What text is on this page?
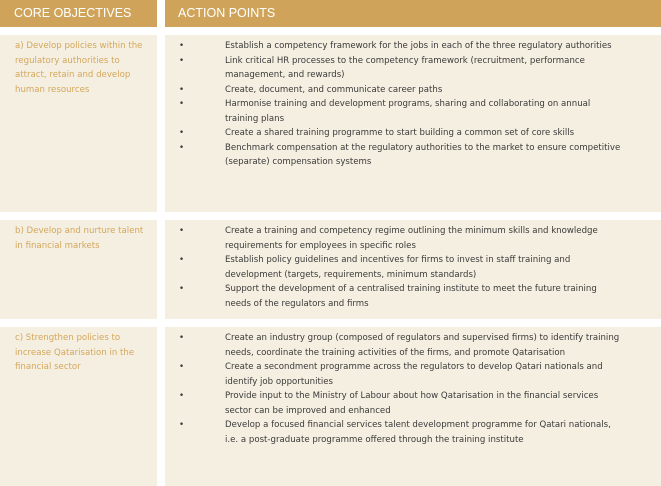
CORE OBJECTIVES	ACTION POINTS
a) Develop policies within the regulatory authorities to attract, retain and develop human resources
•	Establish a competency framework for the jobs in each of the three regulatory authorities
•	Link critical HR processes to the competency framework (recruitment, performance management, and rewards)
•	Create, document, and communicate career paths
•	Harmonise training and development programs, sharing and collaborating on annual training plans
•	Create a shared training programme to start building a common set of core skills
•	Benchmark compensation at the regulatory authorities to the market to ensure competitive (separate) compensation systems
b) Develop and nurture talent in financial markets
•	Create a training and competency regime outlining the minimum skills and knowledge requirements for employees in specific roles
•	Establish policy guidelines and incentives for firms to invest in staff training and development (targets, requirements, minimum standards)
•	Support the development of a centralised training institute to meet the future training needs of the regulators and firms
c) Strengthen policies to increase Qatarisation in the financial sector
•	Create an industry group (composed of regulators and supervised firms) to identify training needs, coordinate the training activities of the firms, and promote Qatarisation
•	Create a secondment programme across the regulators to develop Qatari nationals and identify job opportunities
•	Provide input to the Ministry of Labour about how Qatarisation in the financial services sector can be improved and enhanced
•	Develop a focused financial services talent development programme for Qatari nationals, i.e. a post-graduate programme offered through the training institute
